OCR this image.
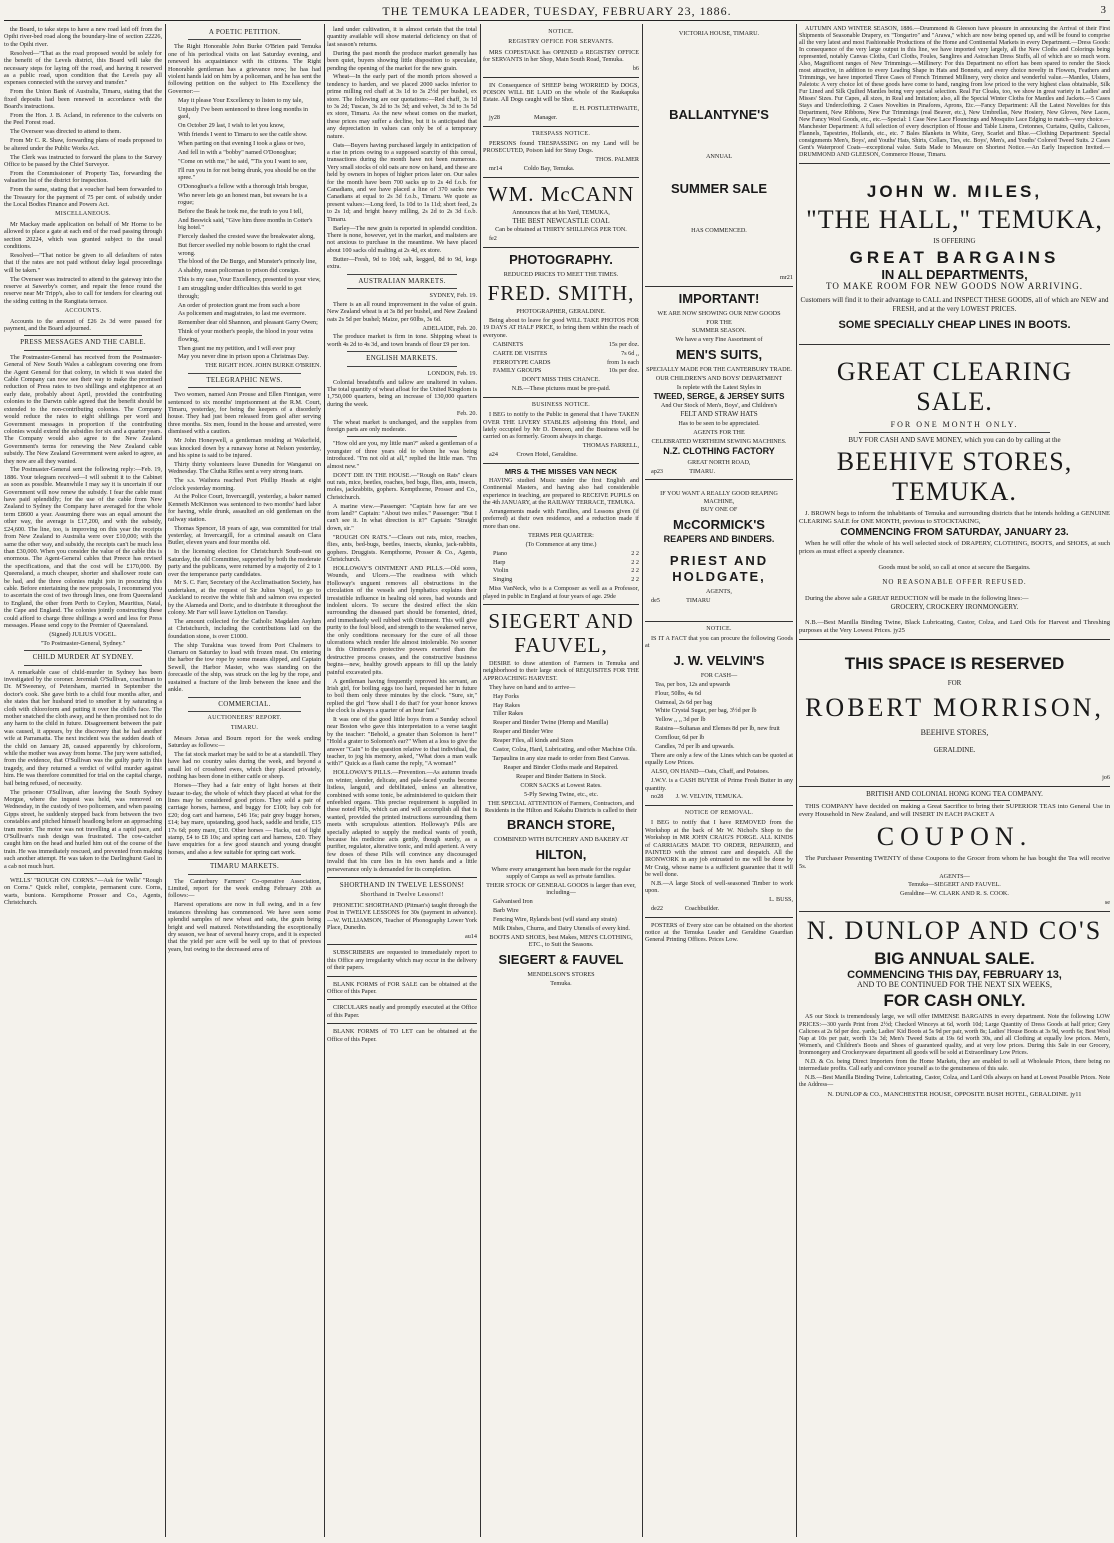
THE TEMUKA LEADER, TUESDAY, FEBRUARY 23, 1886.	3

the Board, to take steps to have a new road laid off from the Opihi river-bed road along the boundary-line of section 22226, to the Opihi river.

Resolved—"That as the road proposed would be solely for the benefit of the Levels district, this Board will take the necessary steps for laying off the road, and having it reserved as a public road, upon condition that the Levels pay all expenses connected with the survey and transfer."

From the Union Bank of Australia, Timaru, stating that the fixed deposits had been renewed in accordance with the Board's instructions.

From the Hon. J. B. Acland, in reference to the culverts on the Peel Forest road.

The Overseer was directed to attend to them.

From Mr C. R. Shaw, forwarding plans of roads proposed to be altered under the Public Works Act.

The Clerk was instructed to forward the plans to the Survey Office to be passed by the Chief Surveyor.

From the Commissioner of Property Tax, forwarding the valuation list of the district for inspection.

From the same, stating that a voucher had been forwarded to the Treasury for the payment of 75 per cent. of subsidy under the Local Bodies Finance and Powers Act.

MISCELLANEOUS.

Mr Mackay made application on behalf of Mr Horne to be allowed to place a gate at each end of the road passing through section 20224, which was granted subject to the usual conditions.

Resolved—"That notice be given to all defaulters of rates that if the rates are not paid without delay legal proceedings will be taken."

The Overseer was instructed to attend to the gateway into the reserve at Sawerby's corner, and repair the fence round the reserve near Mr Tripp's, also to call for tenders for clearing out the siding cutting in the Rangitata terrace.

ACCOUNTS.

Accounts to the amount of £26 2s 3d were passed for payment, and the Board adjourned.

PRESS MESSAGES AND THE CABLE.

The Postmaster-General has received from the Postmaster-General of New South Wales a cablegram covering one from the Agent General for that colony, in which it was stated the Cable Company can now see their way to make the promised reduction of Press rates to two shillings and eightpence at an early date, probably about April, provided the contributing colonies to the Darwin cable agreed that the benefit should be extended to the non-contributing colonies. The Company would reduce the rates to eight shillings per word and Government messages in proportion if the contributing colonies would extend the subsidies for six and a quarter years. The Company would also agree to the New Zealand Government's terms for renewing the New Zealand cable subsidy. The New Zealand Government were asked to agree, as they now are all they wanted.

The Postmaster-General sent the following reply:—Feb. 19, 1886. Your telegram received—I will submit it to the Cabinet as soon as possible. Meanwhile I may say it is uncertain if our Government will now renew the subsidy. I fear the cable must have paid splendidly; for the use of the cable from New Zealand to Sydney the Company have averaged for the whole term £8600 a year. Assuming there was an equal amount the other way, the average is £17,200, and with the subsidy, £24,600. The line, too, is improving on this year the receipts from New Zealand to Australia were over £10,000; with the same the other way, and subsidy, the receipts can't be much less than £30,000. When you consider the value of the cable this is enormous. The Agent-General cables that Preece has revised the specifications, and that the cost will be £170,000. By Queensland, a much cheaper, shorter and shallower route can be had, and the three colonies might join in procuring this cable. Before entertaining the new proposals, I recommend you to ascertain the cost of two through lines, one from Queensland to England, the other from Perth to Ceylon, Mauritius, Natal, the Cape and England. The colonies jointly constructing these could afford to charge three shillings a word and less for Press messages. Please send copy to the Premier of Queensland.

(Signed) JULIUS VOGEL.

"To Postmaster-General, Sydney."

CHILD MURDER AT SYDNEY.

A remarkable case of child-murder in Sydney has been investigated by the coroner. Jeremiah O'Sullivan, coachman to Dr. M'Sweeney, of Petersham, married in September the doctor's cook. She gave birth to a child four months after, and she states that her husband tried to smother it by saturating a cloth with chloroform and putting it over the child's face. The mother snatched the cloth away, and he then promised not to do any harm to the child in future. Disagreement between the pair was caused, it appears, by the discovery that he had another wife at Parramatta. The next incident was the sudden death of the child on January 28, caused apparently by chloroform, while the mother was away from home. The jury were satisfied, from the evidence, that O'Sullivan was the guilty party in this tragedy, and they returned a verdict of wilful murder against him. He was therefore committed for trial on the capital charge, bail being refused, of necessity.

The prisoner O'Sullivan, after leaving the South Sydney Morgue, where the inquest was held, was removed on Wednesday, in the custody of two policemen, and when passing Gipps street, he suddenly stepped back from between the two constables and pitched himself headlong before an approaching tram motor. The motor was not travelling at a rapid pace, and O'Sullivan's rash design was frustrated. The cow-catcher caught him on the head and hurled him out of the course of the train. He was immediately rescued, and prevented from making such another attempt. He was taken to the Darlinghurst Gaol in a cab not much hurt.

WELLS' "ROUGH ON CORNS."—Ask for Wells' "Rough on Corns." Quick relief, complete, permanent cure. Corns, warts, bunions. Kempthorne Prosser and Co., Agents, Christchurch.

A POETIC PETITION.

The Right Honorable John Burke O'Brien paid Temuka one of his periodical visits on last Saturday evening, and renewed his acquaintance with its citizens. The Right Honorable gentleman has a grievance now; he has had violent hands laid on him by a policeman, and he has sent the following petition on the subject to His Excellency the Governor:—

May it please Your Excellency to listen to my tale,

Unjustly I've been sentenced to three long months in gaol,

On October 29 last, I wish to let you know,

With friends I went to Timaru to see the cattle show.

When parting on that evening I took a glass or two,

And fell in with a "bobby" named O'Donoghue;

"Come on with me," he said, "'Tis you I want to see,

I'll run you in for not being drunk, you should be on the spree."

O'Donoghue's a fellow with a thorough Irish brogue,

Who never lets go an honest man, but swears he is a rogue;

Before the Beak he took me, the truth to you I tell,

And Beswick said, "Give him three months in Cotter's big hotel."

Fiercely dashed the crested wave the breakwater along,

But fiercer swelled my noble bosom to right the cruel wrong.

The blood of the De Burgo, and Munster's princely line,

A shabby, mean policeman to prison did consign.

This is my case, Your Excellency, presented to your view,

I am struggling under difficulties this world to get through;

An order of protection grant me from such a bore

As policemen and magistrates, to last me evermore.

Remember dear old Shannon, and pleasant Garry Owen;

Think of your mother's people, the blood in your veins flowing,

Then grant me my petition, and I will ever pray

May you never dine in prison upon a Christmas Day.

THE RIGHT HON. JOHN BURKE O'BRIEN.

TELEGRAPHIC NEWS.

Two women, named Ann Prouse and Ellen Finnigan, were sentenced to six months' imprisonment at the R.M. Court, Timaru, yesterday, for being the keepers of a disorderly house. They had just been released from gaol after serving three months. Six men, found in the house and arrested, were dismissed with a caution.

Mr John Honeywell, a gentleman residing at Wakefield, was knocked down by a runaway horse at Nelson yesterday, and his spine is said to be injured.

Thirty thirty volunteers leave Dunedin for Wanganui on Wednesday. The Clutha Rifles sent a very strong team.

The s.s. Waihora reached Port Phillip Heads at eight o'clock yesterday morning.

At the Police Court, Invercargill, yesterday, a baker named Kenneth McKinnon was sentenced to two months' hard labor for having, while drunk, assaulted an old gentleman on the railway station.

Thomas Spencer, 18 years of age, was committed for trial yesterday, at Invercargill, for a criminal assault on Clara Butler, eleven years and four months old.

In the licensing election for Christchurch South-east on Saturday, the old Committee, supported by both the moderate party and the publicans, were returned by a majority of 2 to 1 over the temperance party candidates.

Mr S. C. Farr, Secretary of the Acclimatisation Society, has undertaken, at the request of Sir Julius Vogel, to go to Auckland to receive the white fish and salmon ova expected by the Alameda and Doric, and to distribute it throughout the colony. Mr Farr will leave Lyttelton on Tuesday.

The amount collected for the Catholic Magdalen Asylum at Christchurch, including the contributions laid on the foundation stone, is over £1000.

The ship Turakina was towed from Port Chalmers to Oamaru on Saturday to load with frozen meat. On entering the harbor the tow rope by some means slipped, and Captain Sewell, the Harbor Master, who was standing on the forecastle of the ship, was struck on the leg by the rope, and sustained a fracture of the limb between the knee and the ankle.

COMMERCIAL.
AUCTIONEERS' REPORT.
TIMARU.

Messrs Jonas and Bourn report for the week ending Saturday as follows:—

The fat stock market may be said to be at a standstill. They have had no country sales during the week, and beyond a small lot of crossbred ewes, which they placed privately, nothing has been done in either cattle or sheep.

Horses—They had a fair entry of light horses at their bazaar to-day, the whole of which they placed at what for the lines may be considered good prices. They sold a pair of carriage horses, harness, and buggy for £100; bay cob for £20; dog cart and harness, £46 16s; pair grey buggy horses, £14; bay mare, upstanding, good hack, saddle and bridle, £15 17s 6d; pony mare, £10. Other horses — Hacks, out of light stamp, £4 to £8 10s; and spring cart and harness, £20. They have enquiries for a few good staunch and young draught horses, and also a few suitable for spring cart work.

TIMARU MARKETS.

The Canterbury Farmers' Co-operative Association, Limited, report for the week ending February 20th as follows:—

Harvest operations are now in full swing, and in a few instances threshing has commenced. We have seen some splendid samples of new wheat and oats, the grain being bright and well matured. Notwithstanding the exceptionally dry season, we hear of several heavy crops, and it is expected that the yield per acre will be well up to that of previous years, but owing to the decreased area of

land under cultivation, it is almost certain that the total quantity available will show material deficiency on that of last season's returns.

During the past month the produce market generally has been quiet, buyers showing little disposition to speculate, pending the opening of the market for the new grain.

Wheat—In the early part of the month prices showed a tendency to harden, and we placed 2000 sacks inferior to prime milling red chaff at 3s 1d to 3s 2½d per bushel, ex store. The following are our quotations:—Red chaff, 3s 1d to 3s 2d; Tuscan, 3s 2d to 3s 3d; and velvet, 3s 3d to 3s 5d ex store, Timaru. As the new wheat comes on the market, these prices may suffer a decline, but it is anticipated that any depreciation in values can only be of a temporary nature.

Oats—Buyers having purchased largely in anticipation of a rise in prices owing to a supposed scarcity of this cereal, transactions during the month have not been numerous. Very small stocks of old oats are now on hand, and these are held by owners in hopes of higher prices later on. Our sales for the month have been 700 sacks up to 2s 4d f.o.b. for Canadians, and we have placed a line of 370 sacks new Canadians at equal to 2s 3d f.o.b., Timaru. We quote as present values:—Long feed, 1s 10d to 1s 11d; short feed, 2s to 2s 1d; and bright heavy milling, 2s 2d to 2s 3d f.o.b. Timaru.

Barley—The new grain is reported in splendid condition. There is none, however, yet in the market, and maltsters are not anxious to purchase in the meantime. We have placed about 100 sacks old malting at 2s 4d, ex store.

Butter—Fresh, 9d to 10d; salt, kegged, 8d to 9d, kegs extra.

AUSTRALIAN MARKETS.

SYDNEY, Feb. 19.

There is an all round improvement in the value of grain. New Zealand wheat is at 3s 8d per bushel, and New Zealand oats 2s 5d per bushel; Maize, per 60lbs, 3s 6d.

ADELAIDE, Feb. 20.

The produce market is firm in tone. Shipping wheat is worth 4s 2d to 4s 3d, and town brands of flour £9 per ton.

ENGLISH MARKETS.

LONDON, Feb. 19.

Colonial breadstuffs and tallow are unaltered in values. The total quantity of wheat afloat for the United Kingdom is 1,750,000 quarters, being an increase of 130,000 quarters during the week.

Feb. 20.

The wheat market is unchanged, and the supplies from foreign parts are only moderate.

"How old are you, my little man?" asked a gentleman of a youngster of three years old to whom he was being introduced. "I'm not old at all," replied the little man. "I'm almost new."

DON'T DIE IN THE HOUSE.—"Rough on Rats" clears out rats, mice, beetles, roaches, bed bugs, flies, ants, insects, moles, jackrabbits, gophers. Kempthorne, Prosser and Co., Christchurch.

A marine view.—Passenger: "Captain how far are we from land?" Captain: "About two miles." Passenger: "But I can't see it. In what direction is it?" Captain: "Straight down, sir."

"ROUGH ON RATS."—Clears out rats, mice, roaches, flies, ants, bed-bugs, beetles, insects, skunks, jack-rabbits, gophers. Druggists. Kempthorne, Prosser & Co., Agents, Christchurch.

HOLLOWAY'S OINTMENT AND PILLS.—Old sores, Wounds, and Ulcers.—The readiness with which Holloway's unguent removes all obstructions in the circulation of the vessels and lymphatics explains their irresistible influence in healing old sores, bad wounds and indolent ulcers. To secure the desired effect the skin surrounding the diseased part should be fomented, dried, and immediately well rubbed with Ointment. This will give purity to the foul blood, and strength to the weakened nerve, the only conditions necessary for the cure of all those ulcerations which render life almost intolerable. No sooner is this Ointment's protective powers exerted than the destructive process ceases, and the constructive business begins—new, healthy growth appears to fill up the lately painful excavated pits.

A gentleman having frequently reproved his servant, an Irish girl, for boiling eggs too hard, requested her in future to boil them only three minutes by the clock. "Sure, sir," replied the girl "how shall I do that? for your honor knows the clock is always a quarter of an hour fast."

It was one of the good little boys from a Sunday school near Boston who gave this interpretation to a verse taught by the teacher: "Behold, a greater than Solomon is here!" "Hold a grater to Solomon's ear?" When at a loss to give the answer "Cain" to the question relative to that individual, the teacher, to jog his memory, asked, "What does a man walk with?" Quick as a flash came the reply, "A woman!"

HOLLOWAY'S PILLS.—Prevention.—As autumn treads on winter, slender, delicate, and pale-faced youths become listless, languid, and debilitated, unless an alterative, combined with some tonic, be administered to quicken their enfeebled organs. This precise requirement is supplied in these noted Pills, which can and will accomplish all that is wanted, provided the printed instructions surrounding them meets with scrupulous attention. Holloway's Pills are specially adapted to supply the medical wants of youth, because his medicine acts gently, though surely, as a purifier, regulator, alterative tonic, and mild aperient. A very few doses of these Pills will convince any discouraged invalid that his cure lies in his own hands and a little perseverance only is demanded for its completion.

SHORTHAND IN TWELVE LESSONS!
Shorthand in Twelve Lessons!!

PHONETIC SHORTHAND (Pitman's) taught through the Post in TWELVE LESSONS for 30s (payment in advance).—W. WILLIAMSON, Teacher of Phonography Lower York Place, Dunedin.

au14

SUBSCRIBERS are requested to immediately report to this Office any irregularity which may occur in the delivery of their papers.

BLANK FORMS of FOR SALE can be obtained at the Office of this Paper.

CIRCULARS neatly and promptly executed at the Office of this Paper.

BLANK FORMS of TO LET can be obtained at the Office of this Paper.

NOTICE.
REGISTRY OFFICE FOR SERVANTS.

MRS COPESTAKE has OPENED a REGISTRY OFFICE for SERVANTS in her Shop, Main South Road, Temuka.

b6

IN Consequence of SHEEP being WORRIED by DOGS, POISON WILL BE LAID on the whole of the Raukapuka Estate. All Dogs caught will be Shot.

E. H. POSTLETHWAITE,

jy28	Manager.

TRESPASS NOTICE.

PERSONS found TRESPASSING on my Land will be PROSECUTED, Poison laid for Stray Dogs.

THOS. PALMER

mr14	Coldo Bay, Temuka.

WM. McCANN

Announces that at his Yard, TEMUKA,

THE BEST NEWCASTLE COAL

Can be obtained at THIRTY SHILLINGS PER TON.

fe2

PHOTOGRAPHY.

REDUCED PRICES TO MEET THE TIMES.

FRED. SMITH,

PHOTOGRAPHER, GERALDINE.

Being about to leave for good WILL TAKE PHOTOS FOR 19 DAYS AT HALF PRICE, to bring them within the reach of everyone.

CABINETS	15s per doz.

CARTE DE VISITES	7s 6d ,,

FERROTYPE CARDS	from 1s each

FAMILY GROUPS	10s per doz.

DON'T MISS THIS CHANCE.

N.B.—These pictures must be pre-paid.

BUSINESS NOTICE.

I BEG to notify to the Public in general that I have TAKEN OVER THE LIVERY STABLES adjoining this Hotel, and lately occupied by Mr D. Denoon, and the Business will be carried on as formerly. Groom always in charge.

THOMAS FARRELL,

a24	Crown Hotel, Geraldine.

MRS & THE MISSES VAN NECK

HAVING studied Music under the first English and Continental Masters, and having also had considerable experience in teaching, are prepared to RECEIVE PUPILS on the 4th JANUARY, at the RAILWAY TERRACE, TEMUKA.

Arrangements made with Families, and Lessons given (if preferred) at their own residence, and a reduction made if more than one.

TERMS PER QUARTER:

(To Commence at any time.)

Piano	2 2

Harp	2 2

Violin	2 2

Singing	2 2

Miss VanNeck, who is a Composer as well as a Professor, played in public in England at four years of age. 29de

SIEGERT AND FAUVEL,

DESIRE to draw attention of Farmers in Temuka and neighborhood to their large stock of REQUISITES FOR THE APPROACHING HARVEST.

They have on hand and to arrive—

Hay Forks

Hay Rakes

Tiller Rakes

Reaper and Binder Twine (Hemp and Manilla)

Reaper and Binder Wire

Reaper Files, all kinds and Sizes

Castor, Colza, Hard, Lubricating, and other Machine Oils.

Tarpaulins in any size made to order from Best Canvas.

Reaper and Binder Cloths made and Repaired.

Reaper and Binder Battens in Stock.

CORN SACKS at Lowest Rates.

5-Ply Sewing Twine, etc., etc.

THE SPECIAL ATTENTION of Farmers, Contractors, and Residents in the Hilton and Kakahu Districts is called to their

BRANCH STORE,

COMBINED WITH BUTCHERY AND BAKERY AT

HILTON,

Where every arrangement has been made for the regular supply of Camps as well as private families.

THEIR STOCK OF GENERAL GOODS is larger than ever, including—

Galvanised Iron

Barb Wire

Fencing Wire, Rylands best (will stand any strain)

Milk Dishes, Churns, and Dairy Utensils of every kind.

BOOTS AND SHOES, best Makes, MEN'S CLOTHING, ETC., to Suit the Seasons.

SIEGERT & FAUVEL

MENDELSON'S STORES

Temuka.

VICTORIA HOUSE, TIMARU.

BALLANTYNE'S

ANNUAL

SUMMER SALE

HAS COMMENCED.

mr21

IMPORTANT!

WE ARE NOW SHOWING OUR NEW GOODS

FOR THE

SUMMER SEASON.

We have a very Fine Assortment of

MEN'S SUITS,

SPECIALLY MADE FOR THE CANTERBURY TRADE.

OUR CHILDREN'S AND BOYS' DEPARTMENT

Is replete with the Latest Styles in

TWEED, SERGE, & JERSEY SUITS

And Our Stock of Men's, Boys', and Children's

FELT AND STRAW HATS

Has to be seen to be appreciated.

AGENTS FOR THE

CELEBRATED WERTHEIM SEWING MACHINES.

N.Z. CLOTHING FACTORY

GREAT NORTH ROAD,

ap23	TIMARU.

IF YOU WANT A REALLY GOOD REAPING MACHINE,

BUY ONE OF

McCORMICK'S
REAPERS AND BINDERS.
PRIEST AND HOLDGATE,

AGENTS,

de5	TIMARU

NOTICE.

IS IT A FACT that you can procure the following Goods at

J. W. VELVIN'S

FOR CASH—

Tea, per box, 12s and upwards

Flour, 50lbs, 4s 6d

Oatmeal, 2s 6d per bag

White Crystal Sugar, per bag, 3½d per lb

Yellow ,, ,, 3d per lb

Raisins—Sultanas and Elemes 8d per lb, new fruit

Cornflour, 6d per lb

Candles, 7d per lb and upwards.

There are only a few of the Lines which can be quoted at equally Low Prices.

ALSO, ON HAND—Oats, Chaff, and Potatoes.

J.W.V. is a CASH BUYER of Prime Fresh Butter in any quantity.

no28 J. W. VELVIN, TEMUKA.

NOTICE OF REMOVAL.

I BEG to notify that I have REMOVED from the Workshop at the back of Mr W. Nichol's Shop to the Workshop in MR JOHN CRAIG'S FORGE. ALL KINDS of CARRIAGES MADE TO ORDER, REPAIRED, and PAINTED with the utmost care and despatch. All the IRONWORK in any job entrusted to me will be done by Mr Craig, whose name is a sufficient guarantee that it will be well done.

N.B.—A large Stock of well-seasoned Timber to work upon.

L. BUSS,

de22	Coachbuilder.

POSTERS of Every size can be obtained on the shortest notice at the Temuka Leader and Geraldine Guardian General Printing Offices. Prices Low.

AUTUMN AND WINTER SEASON, 1886.—Drummond & Gleeson have pleasure in announcing the Arrival of their First Shipments of Seasonable Drapery, ex "Tongariro" and "Arawa," which are now being opened up, and will be found to comprise all the very latest and most Fashionable Productions of the Home and Continental Markets in every Department.—Dress Goods: In consequence of the very large output in this line, we have imported very largely, all the New Cloths and Colorings being represented, notably Canvas Cloths, Curl Cloths, Foules, Sanglires and Astrachan Dress Stuffs, all of which are so much worn. Also, Magnificent ranges of New Trimmings.—Millinery: For this Department no effort has been spared to render the Stock most attractive, in addition to every Leading Shape in Hats and Bonnets, and every choice novelty in Flowers, Feathers and Trimmings, we have imported Three Cases of French Trimmed Millinery, very choice and wonderful value.—Mantles, Ulsters, Paletots: A very choice lot of these goods have come to hand, ranging from low priced to the very highest class obtainable, Silk Fur Lined and Silk Quilted Mantles being very special selection. Real Fur Cloaks, too, we show in great variety in Ladies' and Misses' Sizes. Fur Capes, all sizes, in Real and Imitation; also, all the Special Winter Cloths for Mantles and Jackets.—5 Cases Stays and Underclothing. 2 Cases Novelties in Pinafores, Aprons, Etc.—Fancy Department: All the Latest Novelties for this Department, New Ribbons, New Fur Trimmings (real Beaver, etc.), New Umbrellas, New Hosiery, New Gloves, New Laces, New Fancy Wool Goods, etc., etc.—Special: 1 Case New Lace Flouncings and Mosquito Lace Edging to match—very choice.—Manchester Department: A full selection of every description of House and Table Linens, Cretonnes, Curtains, Quilts, Calicoes, Flannels, Tapestries, Hollands, etc., etc. 7 Bales Blankets in White, Grey, Scarlet and Blue.—Clothing Department: Special consignments Men's, Boys', and Youths' Hats, Shirts, Collars, Ties, etc. Boys', Men's, and Youths' Colored Tweed Suits. 2 Cases Gent's Waterproof Coats—exceptional value. Suits Made to Measure on Shortest Notice.—An Early Inspection Invited.—DRUMMOND AND GLEESON, Commerce House, Timaru.

JOHN W. MILES,
"THE HALL," TEMUKA,

IS OFFERING

GREAT BARGAINS
IN ALL DEPARTMENTS,

TO MAKE ROOM FOR NEW GOODS NOW ARRIVING.

Customers will find it to their advantage to CALL and INSPECT THESE GOODS, all of which are NEW and FRESH, and at the very LOWEST PRICES.

SOME SPECIALLY CHEAP LINES IN BOOTS.
GREAT CLEARING SALE.

FOR ONE MONTH ONLY.

BUY FOR CASH AND SAVE MONEY, which you can do by calling at the

BEEHIVE STORES, TEMUKA.

J. BROWN begs to inform the inhabitants of Temuka and surrounding districts that he intends holding a GENUINE CLEARING SALE for ONE MONTH, previous to STOCKTAKING,

COMMENCING FROM SATURDAY, JANUARY 23.

When he will offer the whole of his well selected stock of DRAPERY, CLOTHING, BOOTS, and SHOES, at such prices as must effect a speedy clearance.

Goods must be sold, so call at once at secure the Bargains.

NO REASONABLE OFFER REFUSED.

During the above sale a GREAT REDUCTION will be made in the following lines:—

GROCERY, CROCKERY IRONMONGERY.

N.B.—Best Manilla Binding Twine, Black Lubricating, Castor, Colza, and Lard Oils for Harvest and Threshing purposes at the Very Lowest Prices. jy25

THIS SPACE IS RESERVED

FOR

ROBERT MORRISON,

BEEHIVE STORES,

GERALDINE.

jo6

BRITISH AND COLONIAL HONG KONG TEA COMPANY.

THIS COMPANY have decided on making a Great Sacrifice to bring their SUPERIOR TEAS into General Use in every Household in New Zealand, and will INSERT IN EACH PACKET A

COUPON.

The Purchaser Presenting TWENTY of these Coupons to the Grocer from whom he has bought the Tea will receive 5s.

AGENTS—

Temuka—SIEGERT AND FAUVEL.

Geraldine—W. CLARK AND R. S. COOK.

se

N. DUNLOP AND CO'S
BIG ANNUAL SALE.
COMMENCING THIS DAY, FEBRUARY 13,

AND TO BE CONTINUED FOR THE NEXT SIX WEEKS,

FOR CASH ONLY.

AS our Stock is tremendously large, we will offer IMMENSE BARGAINS in every department. Note the following LOW PRICES:—300 yards Print from 2½d; Checked Winceys at 6d, worth 10d; Large Quantity of Dress Goods at half price; Grey Calicoes at 2s 6d per doz. yards; Ladies' Kid Boots at 5s 9d per pair, worth 8s; Ladies' House Boots at 3s 9d, worth 6s; Best Wool Nap at 10s per pair, worth 13s 3d; Men's Tweed Suits at 19s 6d worth 30s, and all Clothing at equally low prices. Men's, Women's, and Children's Boots and Shoes of guaranteed quality, and at very low prices. During this Sale in our Grocery, Ironmongery and Crockeryware department all goods will be sold at Extraordinary Low Prices.

N.D. & Co. being Direct Importers from the Home Markets, they are enabled to sell at Wholesale Prices, there being no intermediate profits. Call early and convince yourself as to the genuineness of this sale.

N.B.—Best Manilla Binding Twine, Lubricating, Castor, Colza, and Lard Oils always on hand at Lowest Possible Prices. Note the Address—

N. DUNLOP & CO., MANCHESTER HOUSE, OPPOSITE BUSH HOTEL, GERALDINE. jy11
